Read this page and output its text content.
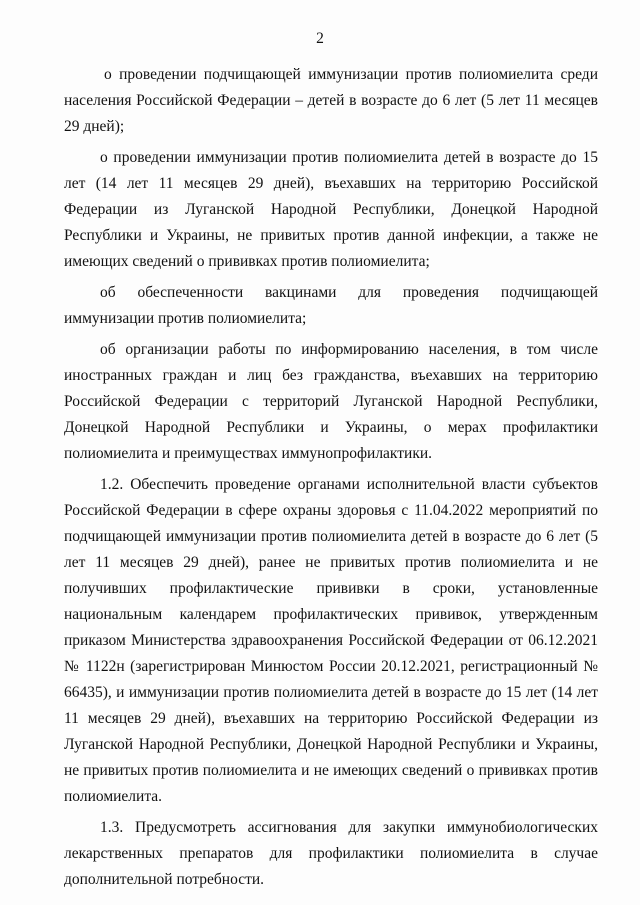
2

о проведении подчищающей иммунизации против полиомиелита среди населения Российской Федерации – детей в возрасте до 6 лет (5 лет 11 месяцев 29 дней);

о проведении иммунизации против полиомиелита детей в возрасте до 15 лет (14 лет 11 месяцев 29 дней), въехавших на территорию Российской Федерации из Луганской Народной Республики, Донецкой Народной Республики и Украины, не привитых против данной инфекции, а также не имеющих сведений о прививках против полиомиелита;

об обеспеченности вакцинами для проведения подчищающей иммунизации против полиомиелита;

об организации работы по информированию населения, в том числе иностранных граждан и лиц без гражданства, въехавших на территорию Российской Федерации с территорий Луганской Народной Республики, Донецкой Народной Республики и Украины, о мерах профилактики полиомиелита и преимуществах иммунопрофилактики.

1.2. Обеспечить проведение органами исполнительной власти субъектов Российской Федерации в сфере охраны здоровья с 11.04.2022 мероприятий по подчищающей иммунизации против полиомиелита детей в возрасте до 6 лет (5 лет 11 месяцев 29 дней), ранее не привитых против полиомиелита и не получивших профилактические прививки в сроки, установленные национальным календарем профилактических прививок, утвержденным приказом Министерства здравоохранения Российской Федерации от 06.12.2021 № 1122н (зарегистрирован Минюстом России 20.12.2021, регистрационный № 66435), и иммунизации против полиомиелита детей в возрасте до 15 лет (14 лет 11 месяцев 29 дней), въехавших на территорию Российской Федерации из Луганской Народной Республики, Донецкой Народной Республики и Украины, не привитых против полиомиелита и не имеющих сведений о прививках против полиомиелита.

1.3. Предусмотреть ассигнования для закупки иммунобиологических лекарственных препаратов для профилактики полиомиелита в случае дополнительной потребности.
